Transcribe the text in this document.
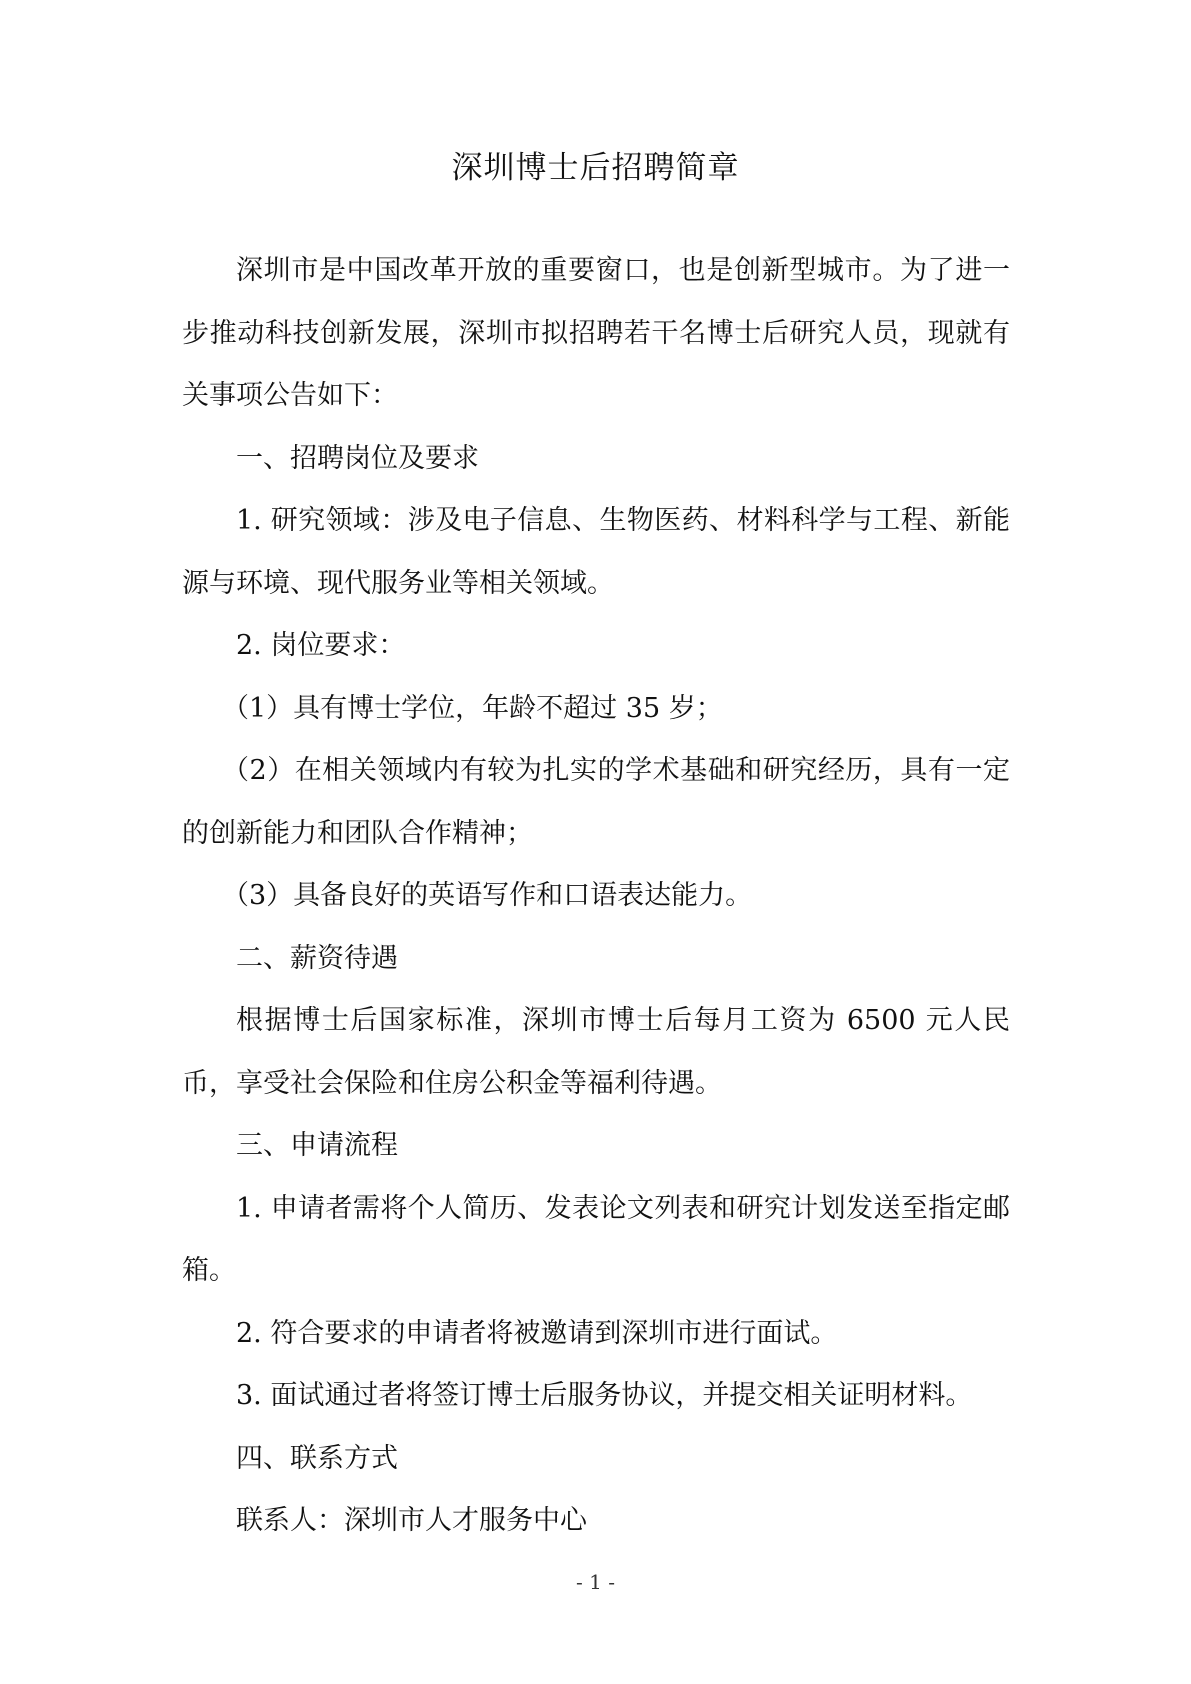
深圳博士后招聘简章

深圳市是中国改革开放的重要窗口，也是创新型城市。为了进一步推动科技创新发展，深圳市拟招聘若干名博士后研究人员，现就有关事项公告如下：

一、招聘岗位及要求

1. 研究领域：涉及电子信息、生物医药、材料科学与工程、新能源与环境、现代服务业等相关领域。

2. 岗位要求：

（1）具有博士学位，年龄不超过 35 岁；

（2）在相关领域内有较为扎实的学术基础和研究经历，具有一定的创新能力和团队合作精神；

（3）具备良好的英语写作和口语表达能力。

二、薪资待遇

根据博士后国家标准，深圳市博士后每月工资为 6500 元人民币，享受社会保险和住房公积金等福利待遇。

三、申请流程

1. 申请者需将个人简历、发表论文列表和研究计划发送至指定邮箱。

2. 符合要求的申请者将被邀请到深圳市进行面试。

3. 面试通过者将签订博士后服务协议，并提交相关证明材料。

四、联系方式

联系人：深圳市人才服务中心

- 1 -
